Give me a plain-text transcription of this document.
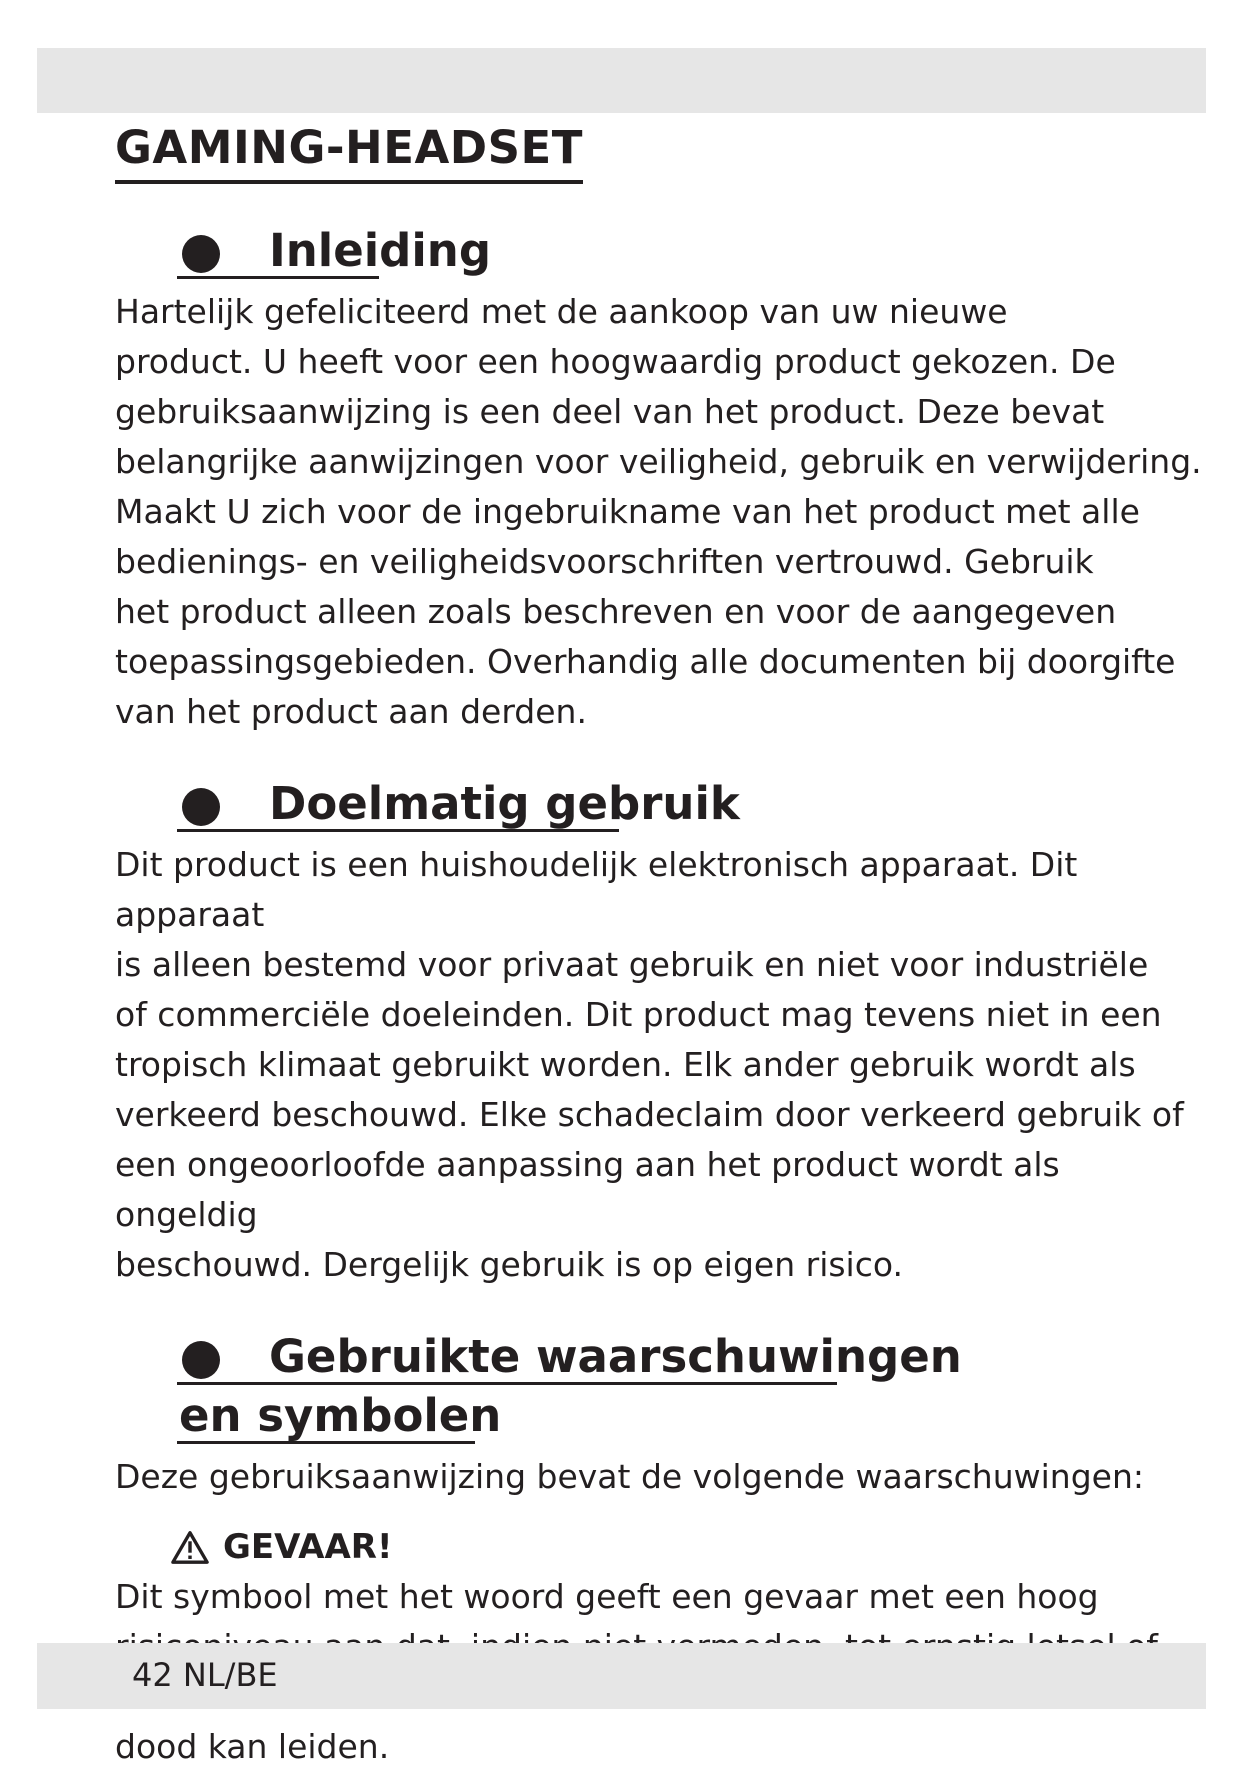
GAMING-HEADSET
Inleiding

Hartelijk gefeliciteerd met de aankoop van uw nieuwe

product. U heeft voor een hoogwaardig product gekozen. De

gebruiksaanwijzing is een deel van het product. Deze bevat

belangrijke aanwijzingen voor veiligheid, gebruik en verwijdering.

Maakt U zich voor de ingebruikname van het product met alle

bedienings- en veiligheidsvoorschriften vertrouwd. Gebruik

het product alleen zoals beschreven en voor de aangegeven

toepassingsgebieden. Overhandig alle documenten bij doorgifte

van het product aan derden.

Doelmatig gebruik

Dit product is een huishoudelijk elektronisch apparaat. Dit apparaat

is alleen bestemd voor privaat gebruik en niet voor industriële

of commerciële doeleinden. Dit product mag tevens niet in een

tropisch klimaat gebruikt worden. Elk ander gebruik wordt als

verkeerd beschouwd. Elke schadeclaim door verkeerd gebruik of

een ongeoorloofde aanpassing aan het product wordt als ongeldig

beschouwd. Dergelijk gebruik is op eigen risico.

Gebruikte waarschuwingen
en symbolen

Deze gebruiksaanwijzing bevat de volgende waarschuwingen:

GEVAAR!

Dit symbool met het woord geeft een gevaar met een hoog

dood kan leiden.

42 NL/BE
